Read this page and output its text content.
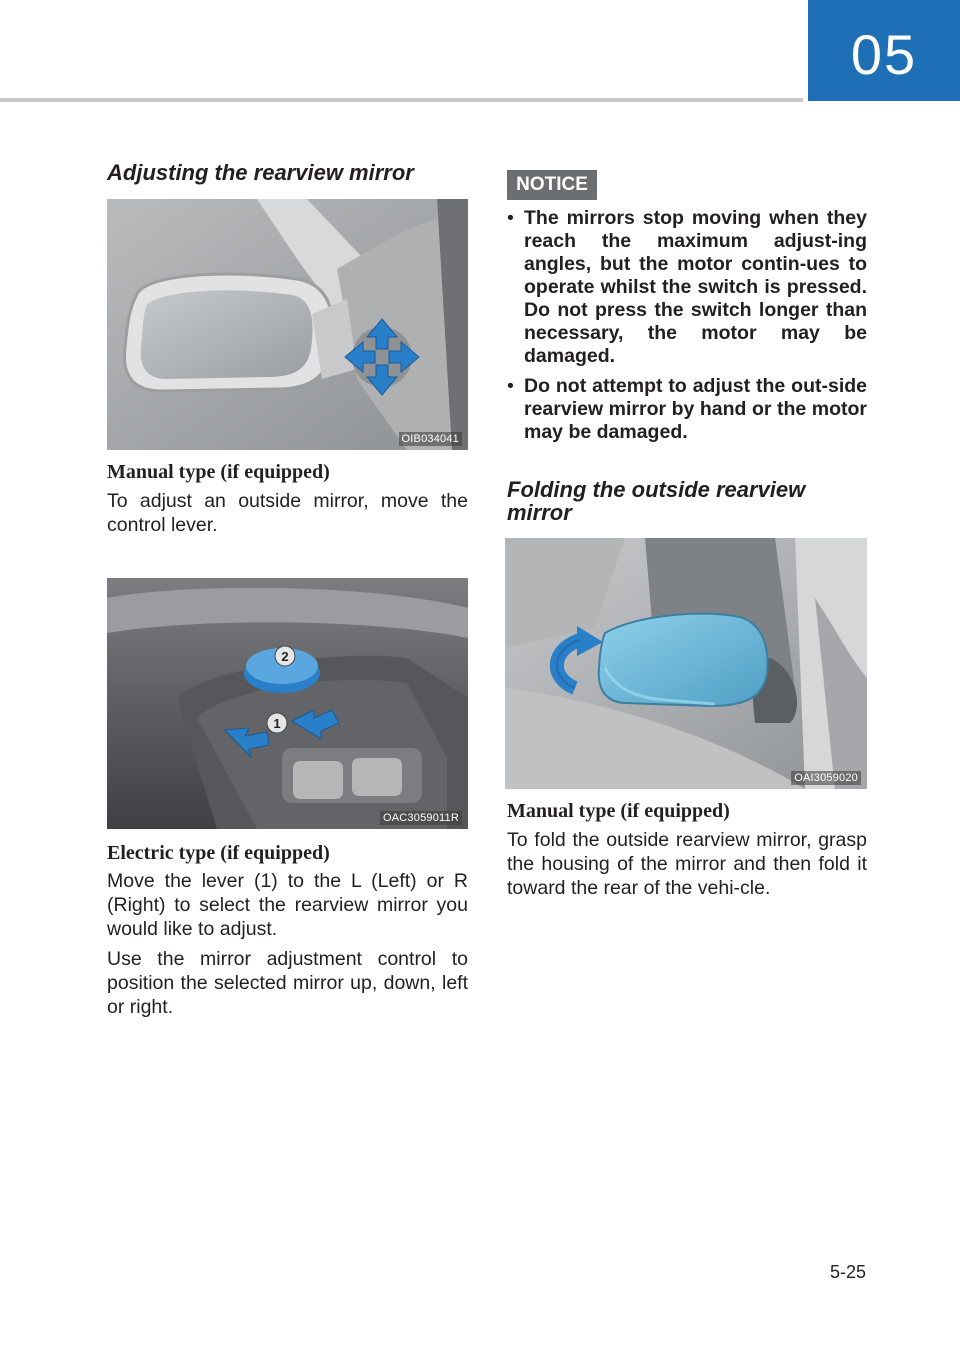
05
Adjusting the rearview mirror
OIB034041
Manual type (if equipped)
To adjust an outside mirror, move the control lever.
2
1
OAC3059011R
Electric type (if equipped)
Move the lever (1) to the L (Left) or R (Right) to select the rearview mirror you would like to adjust.
Use the mirror adjustment control to position the selected mirror up, down, left or right.
NOTICE
• The mirrors stop moving when they reach the maximum adjust-ing angles, but the motor contin-ues to operate whilst the switch is pressed. Do not press the switch longer than necessary, the motor may be damaged.
• Do not attempt to adjust the out-side rearview mirror by hand or the motor may be damaged.
Folding the outside rearview
mirror
OAI3059020
Manual type (if equipped)
To fold the outside rearview mirror, grasp the housing of the mirror and then fold it toward the rear of the vehi-cle.
5-25
